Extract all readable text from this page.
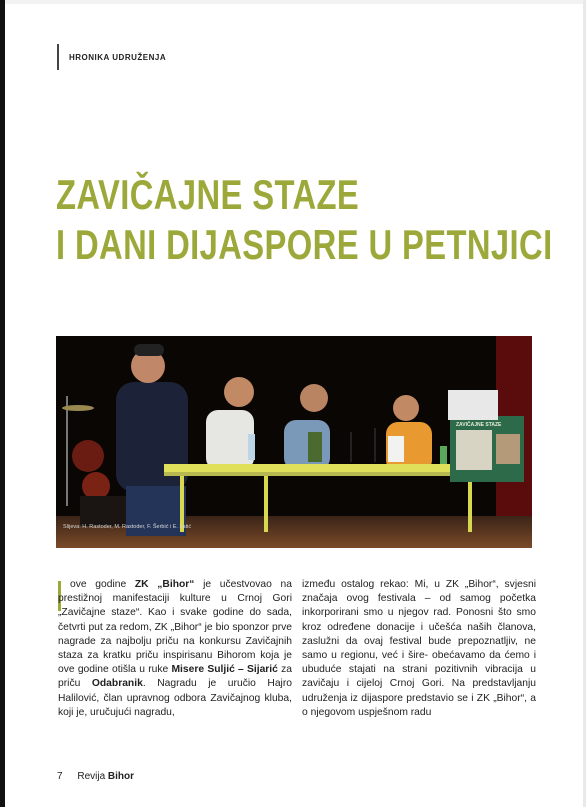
HRONIKA UDRUŽENJA
ZAVIČAJNE STAZE
I DANI DIJASPORE U PETNJICI
ZAVIČAJNE STAZE
Slijeva: H. Rastoder, M. Rastoder, F. Šerbić i E. Latić

ove godine ZK „Bihor“ je učestvovao na prestižnoj manifestaciji kulture u Crnoj Gori „Zavičajne staze“. Kao i svake godine do sada, četvrti put za redom, ZK „Bihor“ je bio sponzor prve nagrade za najbolju priču na konkursu Zavičajnih staza za kratku priču inspirisanu Bihorom koja je ove godine otišla u ruke Misere Suljić – Sijarić za priču Odabranik. Nagradu je uručio Hajro Halilović, član upravnog odbora Zavičajnog kluba, koji je, uručujući nagradu,

između ostalog rekao: Mi, u ZK „Bihor“, svjesni značaja ovog festivala – od samog početka inkorporirani smo u njegov rad. Ponosni što smo kroz određene donacije i učešća naših članova, zaslužni da ovaj festival bude prepoznatljiv, ne samo u regionu, već i šire- obećavamo da ćemo i ubuduće stajati na strani pozitivnih vibracija u zavičaju i cijeloj Crnoj Gori. Na predstavljanju udruženja iz dijaspore predstavio se i ZK „Bihor“, a o njegovom uspješnom radu

7 Revija Bihor
